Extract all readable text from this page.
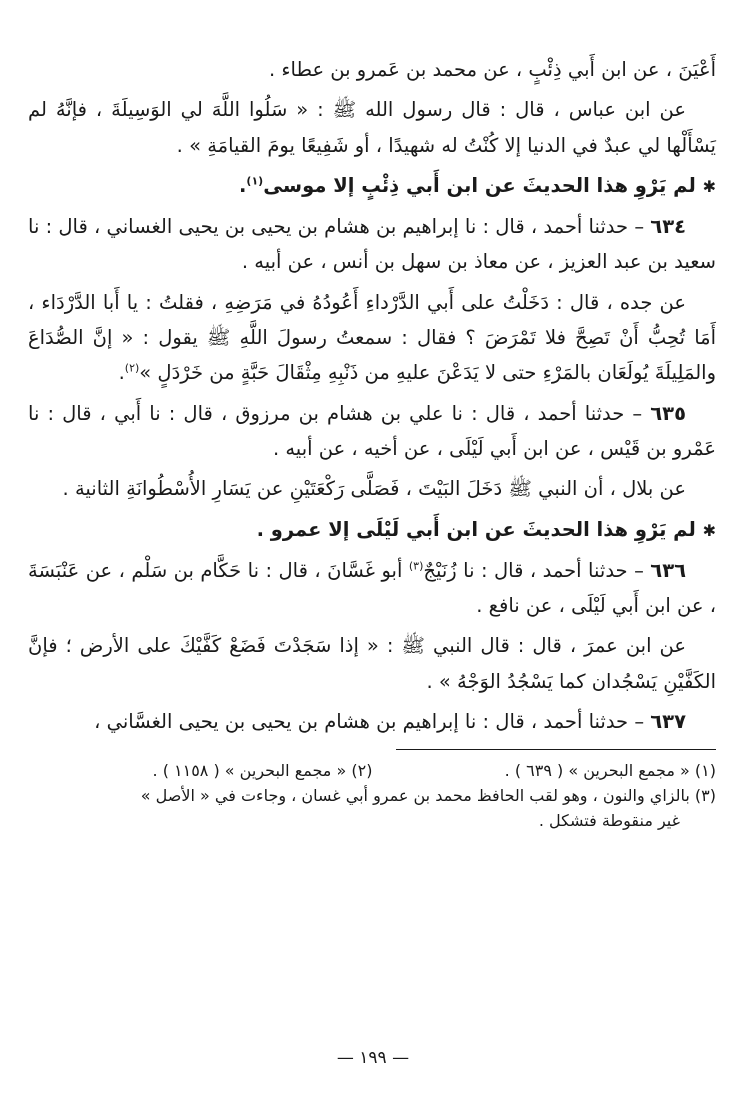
أَعْيَنَ ، عن ابن أَبي ذِئْبٍ ، عن محمد بن عَمرو بن عطاء .

عن ابن عباس ، قال : قال رسول الله ﷺ : « سَلُوا اللَّهَ لي الوَسِيلَةَ ، فإنَّهُ لم يَسْأَلْها لي عبدٌ في الدنيا إلا كُنْتُ له شهيدًا ، أو شَفِيعًا يومَ القيامَةِ » .

✱ لم يَرْوِ هذا الحديثَ عن ابن أَبي ذِئْبٍ إلا موسى$^{(١)}$.

٦٣٤ – حدثنا أحمد ، قال : نا إبراهيم بن هشام بن يحيى بن يحيى الغساني ، قال : نا سعيد بن عبد العزيز ، عن معاذ بن سهل بن أنس ، عن أبيه .

عن جده ، قال : دَخَلْتُ على أَبي الدَّرْداءِ أَعُودُهُ في مَرَضِهِ ، فقلتُ : يا أَبا الدَّرْدَاء ، أَمَا تُحِبُّ أَنْ تَصِحَّ فلا تَمْرَضَ ؟ فقال : سمعتُ رسولَ اللَّهِ ﷺ يقول : « إنَّ الصُّدَاعَ والمَلِيلَةَ يُولَعَان بالمَرْءِ حتى لا يَدَعْنَ عليهِ من ذَنْبِهِ مِثْقَالَ حَبَّةٍ من خَرْدَلٍ »$^{(٢)}$.

٦٣٥ – حدثنا أحمد ، قال : نا علي بن هشام بن مرزوق ، قال : نا أَبي ، قال : نا عَمْرو بن قَيْس ، عن ابن أَبي لَيْلَى ، عن أخيه ، عن أبيه .

عن بلال ، أن النبي ﷺ دَخَلَ البَيْتَ ، فَصَلَّى رَكْعَتَيْنِ عن يَسَارِ الأُسْطُوانَةِ الثانية .

✱ لم يَرْوِ هذا الحديثَ عن ابن أَبي لَيْلَى إلا عمرو .

٦٣٦ – حدثنا أحمد ، قال : نا زُنَيْجٌ$^{(٣)}$ أبو غَسَّانَ ، قال : نا حَكَّام بن سَلْم ، عن عَنْبَسَةَ ، عن ابن أَبي لَيْلَى ، عن نافع .

عن ابن عمرَ ، قال : قال النبي ﷺ : « إذا سَجَدْتَ فَضَعْ كَفَّيْكَ على الأرض ؛ فإنَّ الكَفَّيْنِ يَسْجُدان كما يَسْجُدُ الوَجْهُ » .

٦٣٧ – حدثنا أحمد ، قال : نا إبراهيم بن هشام بن يحيى بن يحيى الغسَّاني ،

(١) « مجمع البحرين » ( ٦٣٩ ) .                          (٢) « مجمع البحرين » ( ١١٥٨ ) .

(٣) بالزاي والنون ، وهو لقب الحافظ محمد بن عمرو أبي غسان ، وجاءت في « الأصل »

غير منقوطة فتشكل .

— ١٩٩ —
